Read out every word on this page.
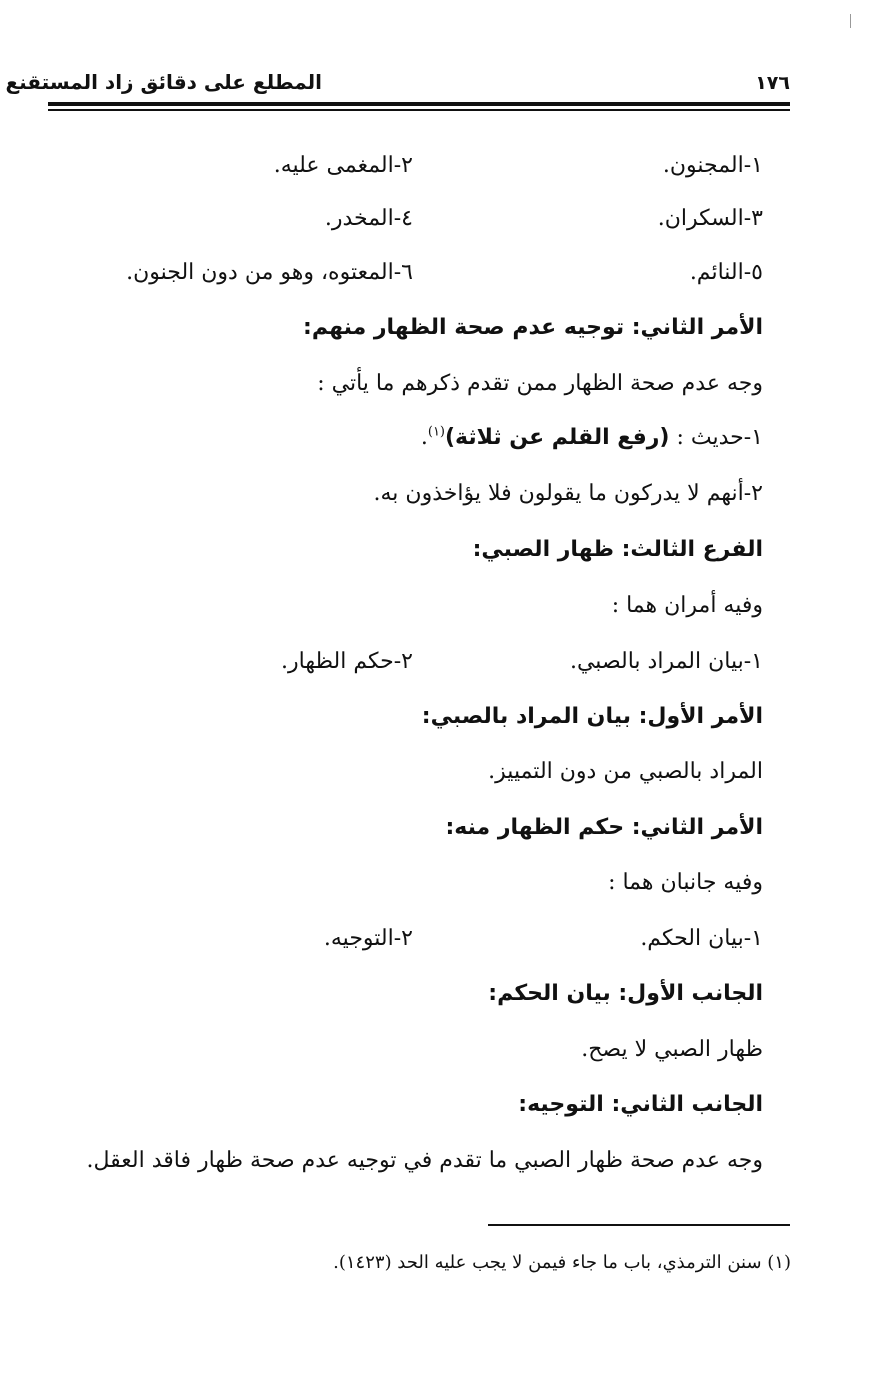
المطلع على دقائق زاد المستقنع	١٧٦
١-المجنون.
٢-المغمى عليه.
٣-السكران.
٤-المخدر.
٥-النائم.
٦-المعتوه، وهو من دون الجنون.
الأمر الثاني: توجيه عدم صحة الظهار منهم:
وجه عدم صحة الظهار ممن تقدم ذكرهم ما يأتي :
١-حديث : (رفع القلم عن ثلاثة)$^{(١)}$.
٢-أنهم لا يدركون ما يقولون فلا يؤاخذون به.
الفرع الثالث: ظهار الصبي:
وفيه أمران هما :
١-بيان المراد بالصبي.
٢-حكم الظهار.
الأمر الأول: بيان المراد بالصبي:
المراد بالصبي من دون التمييز.
الأمر الثاني: حكم الظهار منه:
وفيه جانبان هما :
١-بيان الحكم.
٢-التوجيه.
الجانب الأول: بيان الحكم:
ظهار الصبي لا يصح.
الجانب الثاني: التوجيه:
وجه عدم صحة ظهار الصبي ما تقدم في توجيه عدم صحة ظهار فاقد العقل.
(١) سنن الترمذي، باب ما جاء فيمن لا يجب عليه الحد (١٤٢٣).
